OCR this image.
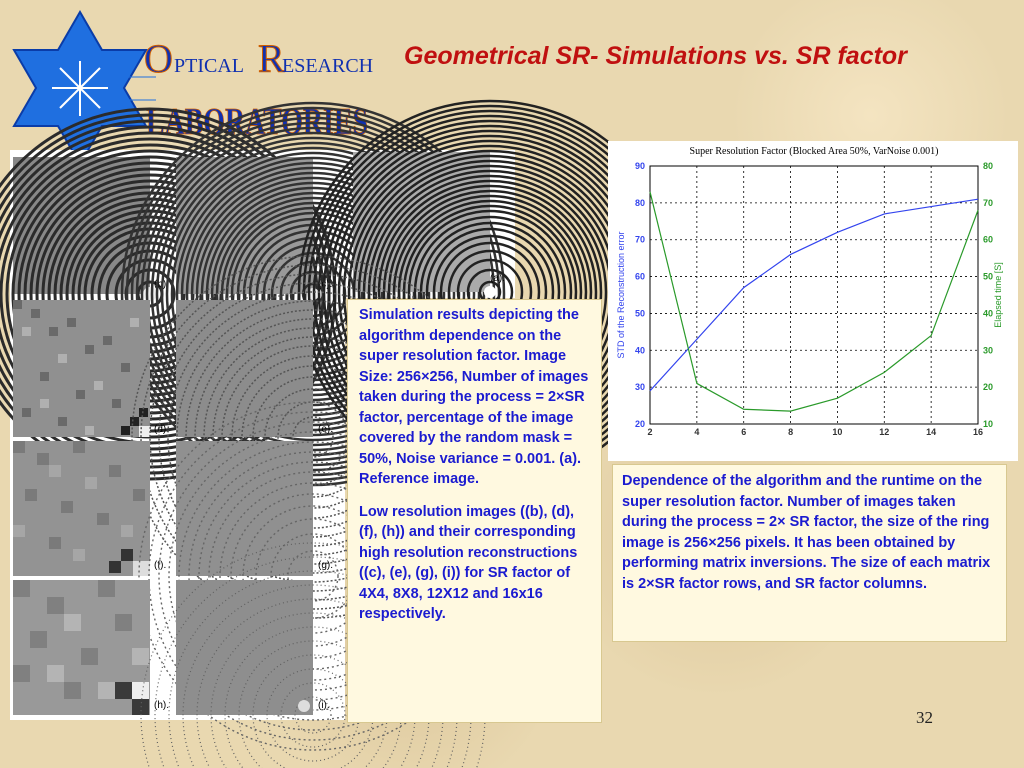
O PTICAL R
ESEARCH
LABORATORIES
Geometrical SR- Simulations vs. SR factor
(b).	(c).
(a).
(d).	(e).
(f).	(g).
(h).	(i).

Simulation results depicting the algorithm dependence on the super resolution factor. Image Size: 256×256, Number of images taken during the process = 2×SR factor, percentage of the image covered by the random mask = 50%, Noise variance = 0.001. (a). Reference image.

Low resolution images ((b), (d), (f), (h)) and their corresponding high resolution reconstructions ((c), (e), (g), (i)) for SR factor of 4X4, 8X8, 12X12 and 16x16 respectively.

Super Resolution Factor (Blocked Area 50%, VarNoise 0.001)
2	4	6	8	10	12	14	16
20
30
40
50
60
70
80
90
10
20
30
40
50
60
70
80
STD of the Reconstruction error	Elapsed time [S]

Dependence of the algorithm and the runtime on the super resolution factor. Number of images taken during the process = 2× SR factor, the size of the ring image is 256×256 pixels. It has been obtained by performing matrix inversions. The size of each matrix is 2×SR factor rows, and SR factor columns.

32
